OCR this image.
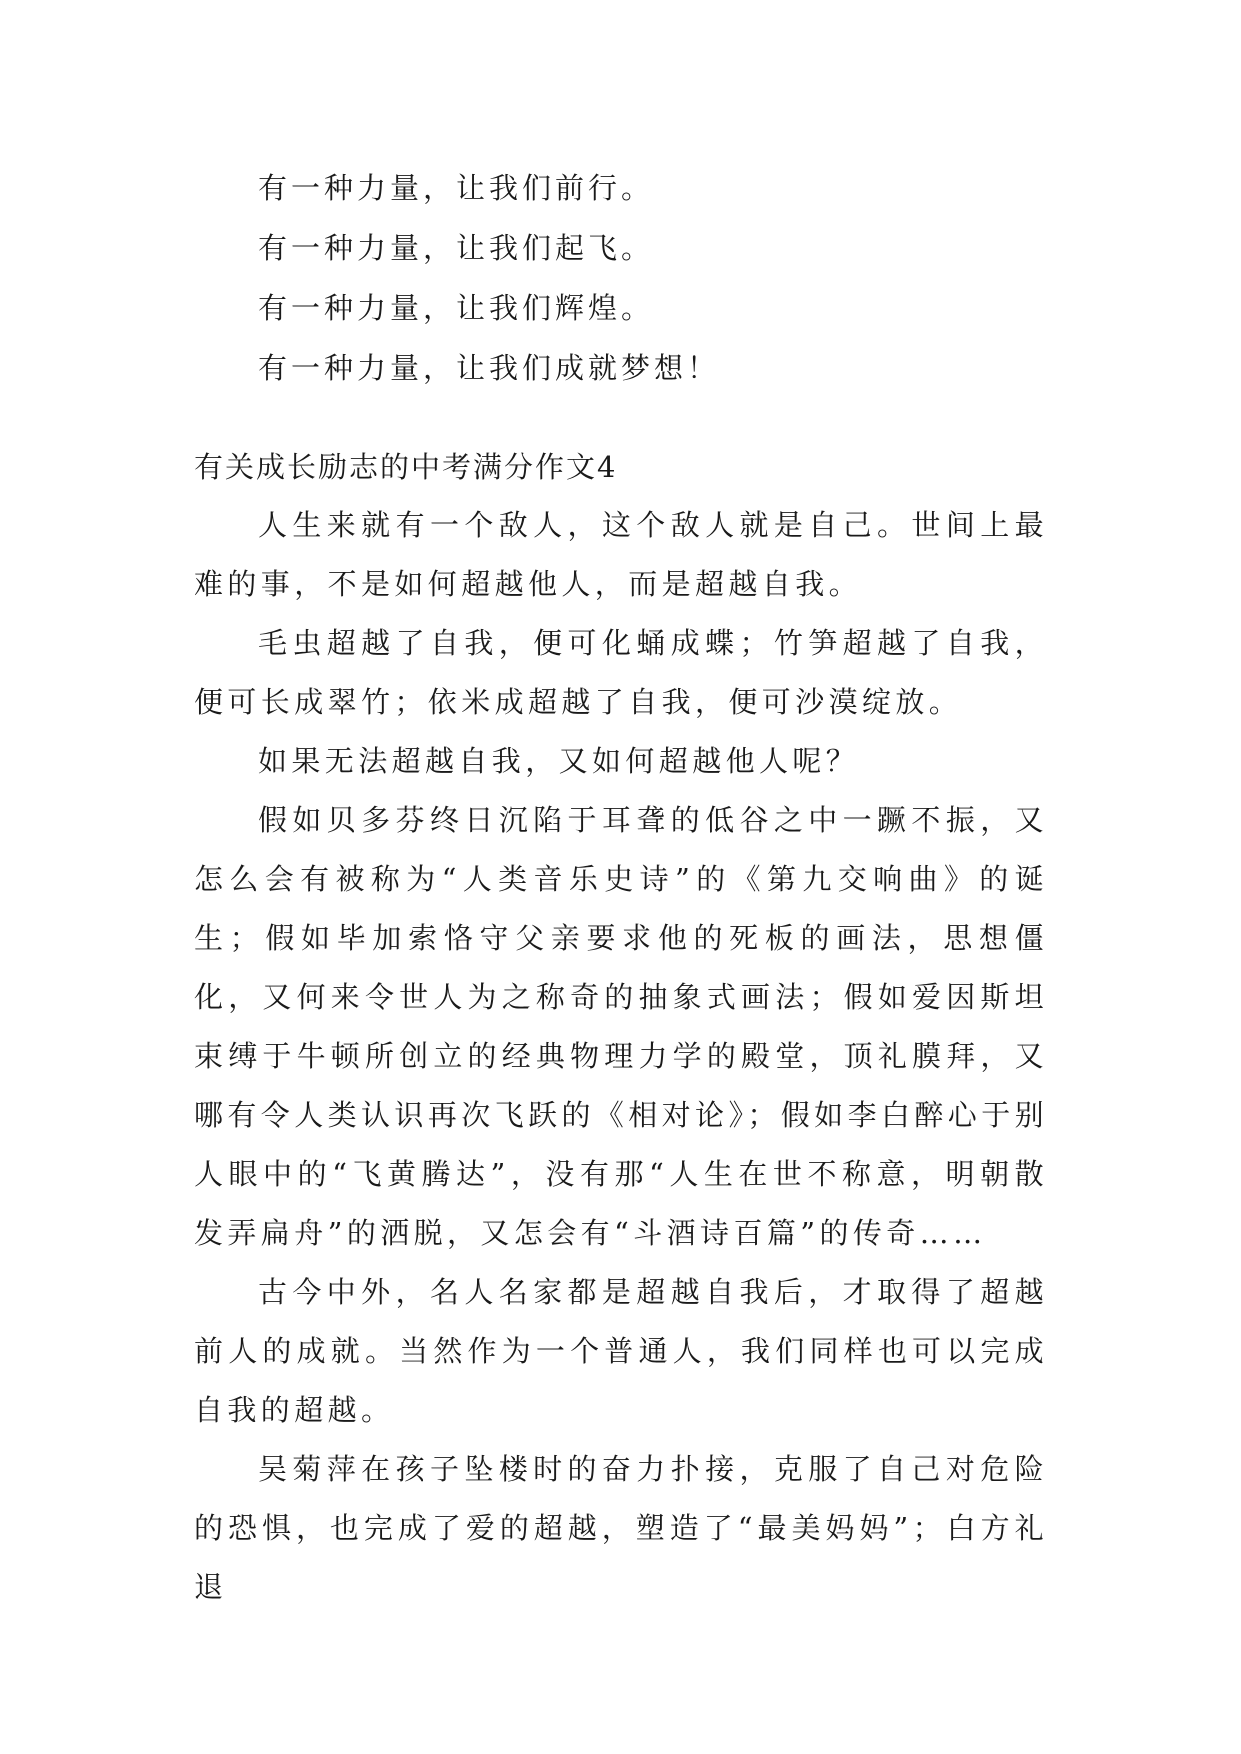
有一种力量，让我们前行。
有一种力量，让我们起飞。
有一种力量，让我们辉煌。
有一种力量，让我们成就梦想！
有关成长励志的中考满分作文4

人生来就有一个敌人，这个敌人就是自己。世间上最难的事，不是如何超越他人，而是超越自我。

毛虫超越了自我，便可化蛹成蝶；竹笋超越了自我，便可长成翠竹；依米成超越了自我，便可沙漠绽放。

如果无法超越自我，又如何超越他人呢？

假如贝多芬终日沉陷于耳聋的低谷之中一蹶不振，又怎么会有被称为“人类音乐史诗”的《第九交响曲》的诞生；假如毕加索恪守父亲要求他的死板的画法，思想僵化，又何来令世人为之称奇的抽象式画法；假如爱因斯坦束缚于牛顿所创立的经典物理力学的殿堂，顶礼膜拜，又哪有令人类认识再次飞跃的《相对论》；假如李白醉心于别人眼中的“飞黄腾达”，没有那“人生在世不称意，明朝散发弄扁舟”的洒脱，又怎会有“斗酒诗百篇”的传奇……

古今中外，名人名家都是超越自我后，才取得了超越前人的成就。当然作为一个普通人，我们同样也可以完成自我的超越。

吴菊萍在孩子坠楼时的奋力扑接，克服了自己对危险的恐惧，也完成了爱的超越，塑造了“最美妈妈”；白方礼退
